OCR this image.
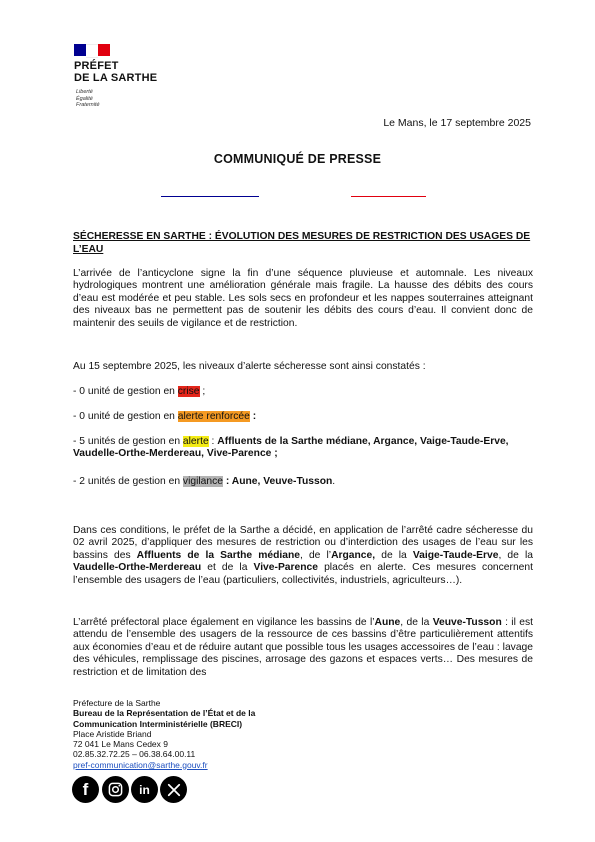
PRÉFET
DE LA SARTHE
Liberté
Égalité
Fraternité
Le Mans, le 17 septembre 2025
COMMUNIQUÉ DE PRESSE
SÉCHERESSE EN SARTHE : ÉVOLUTION DES MESURES DE RESTRICTION DES USAGES DE L’EAU
L’arrivée de l’anticyclone signe la fin d’une séquence pluvieuse et automnale. Les niveaux hydrologiques montrent une amélioration générale mais fragile. La hausse des débits des cours d’eau est modérée et peu stable. Les sols secs en profondeur et les nappes souterraines atteignant des niveaux bas ne permettent pas de soutenir les débits des cours d’eau. Il convient donc de maintenir des seuils de vigilance et de restriction.
Au 15 septembre 2025, les niveaux d’alerte sécheresse sont ainsi constatés :
- 0 unité de gestion en crise ;
- 0 unité de gestion en alerte renforcée :
- 5 unités de gestion en alerte : Affluents de la Sarthe médiane, Argance, Vaige-Taude-Erve, Vaudelle-Orthe-Merdereau, Vive-Parence ;
- 2 unités de gestion en vigilance : Aune, Veuve-Tusson.
Dans ces conditions, le préfet de la Sarthe a décidé, en application de l’arrêté cadre sécheresse du 02 avril 2025, d’appliquer des mesures de restriction ou d’interdiction des usages de l’eau sur les bassins des Affluents de la Sarthe médiane, de l’Argance, de la Vaige-Taude-Erve, de la Vaudelle-Orthe-Merdereau et de la Vive-Parence placés en alerte. Ces mesures concernent l’ensemble des usagers de l’eau (particuliers, collectivités, industriels, agriculteurs…).
L’arrêté préfectoral place également en vigilance les bassins de l’Aune, de la Veuve-Tusson : il est attendu de l’ensemble des usagers de la ressource de ces bassins d’être particulièrement attentifs aux économies d’eau et de réduire autant que possible tous les usages accessoires de l’eau : lavage des véhicules, remplissage des piscines, arrosage des gazons et espaces verts… Des mesures de restriction et de limitation des
Préfecture de la Sarthe
Bureau de la Représentation de l’État et de la
Communication Interministérielle (BRECI)
Place Aristide Briand
72 041 Le Mans Cedex 9
02.85.32.72.25 – 06.38.64.00.11
pref-communication@sarthe.gouv.fr
f	in
